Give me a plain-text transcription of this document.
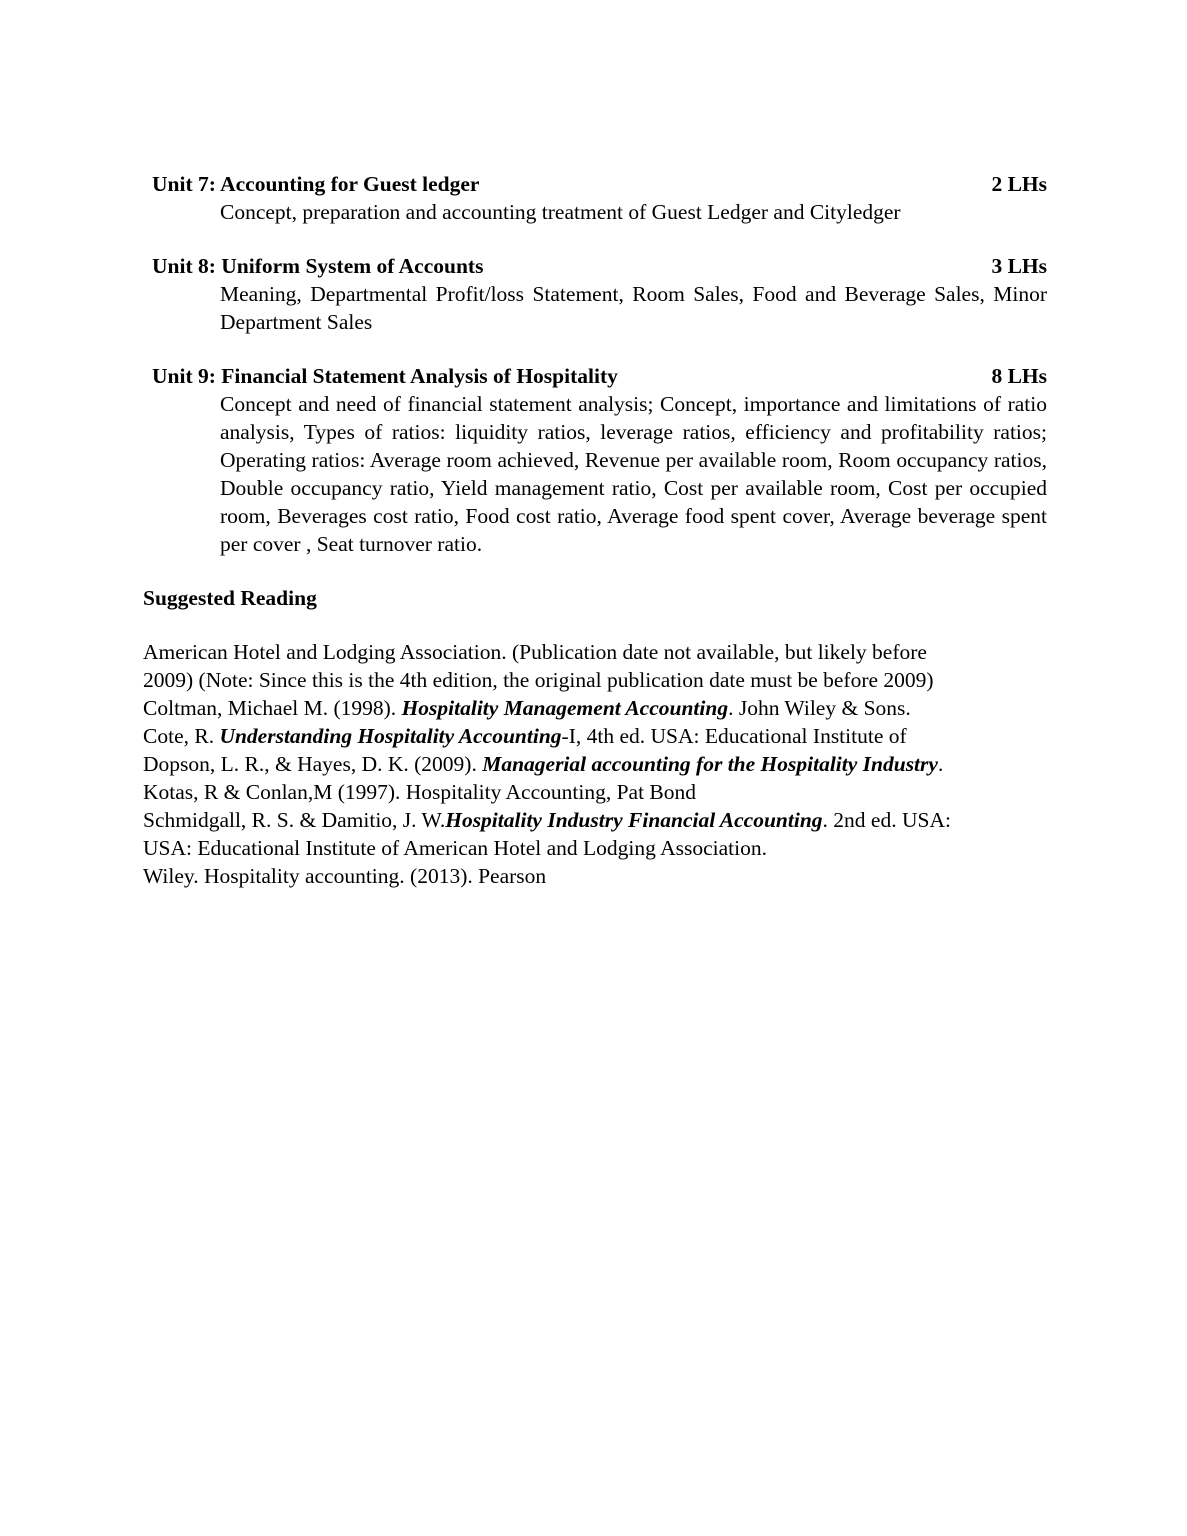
Unit 7: Accounting for Guest ledger	2 LHs
Concept, preparation and accounting treatment of Guest Ledger and Cityledger
Unit 8: Uniform System of Accounts	3 LHs
Meaning, Departmental Profit/loss Statement, Room Sales, Food and Beverage Sales, Minor Department Sales
Unit 9: Financial Statement Analysis of Hospitality	8 LHs
Concept and need of financial statement analysis; Concept, importance and limitations of ratio analysis, Types of ratios: liquidity ratios, leverage ratios, efficiency and profitability ratios; Operating ratios: Average room achieved, Revenue per available room, Room occupancy ratios, Double occupancy ratio, Yield management ratio, Cost per available room, Cost per occupied room, Beverages cost ratio, Food cost ratio, Average food spent cover, Average beverage spent per cover , Seat turnover ratio.
Suggested Reading

American Hotel and Lodging Association. (Publication date not available, but likely before

2009) (Note: Since this is the 4th edition, the original publication date must be before 2009)

Coltman, Michael M. (1998). Hospitality Management Accounting. John Wiley & Sons.

Cote, R. Understanding Hospitality Accounting-I, 4th ed. USA: Educational Institute of

Dopson, L. R., & Hayes, D. K. (2009). Managerial accounting for the Hospitality Industry.

Kotas, R & Conlan,M (1997). Hospitality Accounting, Pat Bond

Schmidgall, R. S. & Damitio, J. W.Hospitality Industry Financial Accounting. 2nd ed. USA:

USA: Educational Institute of American Hotel and Lodging Association.

Wiley. Hospitality accounting. (2013). Pearson
